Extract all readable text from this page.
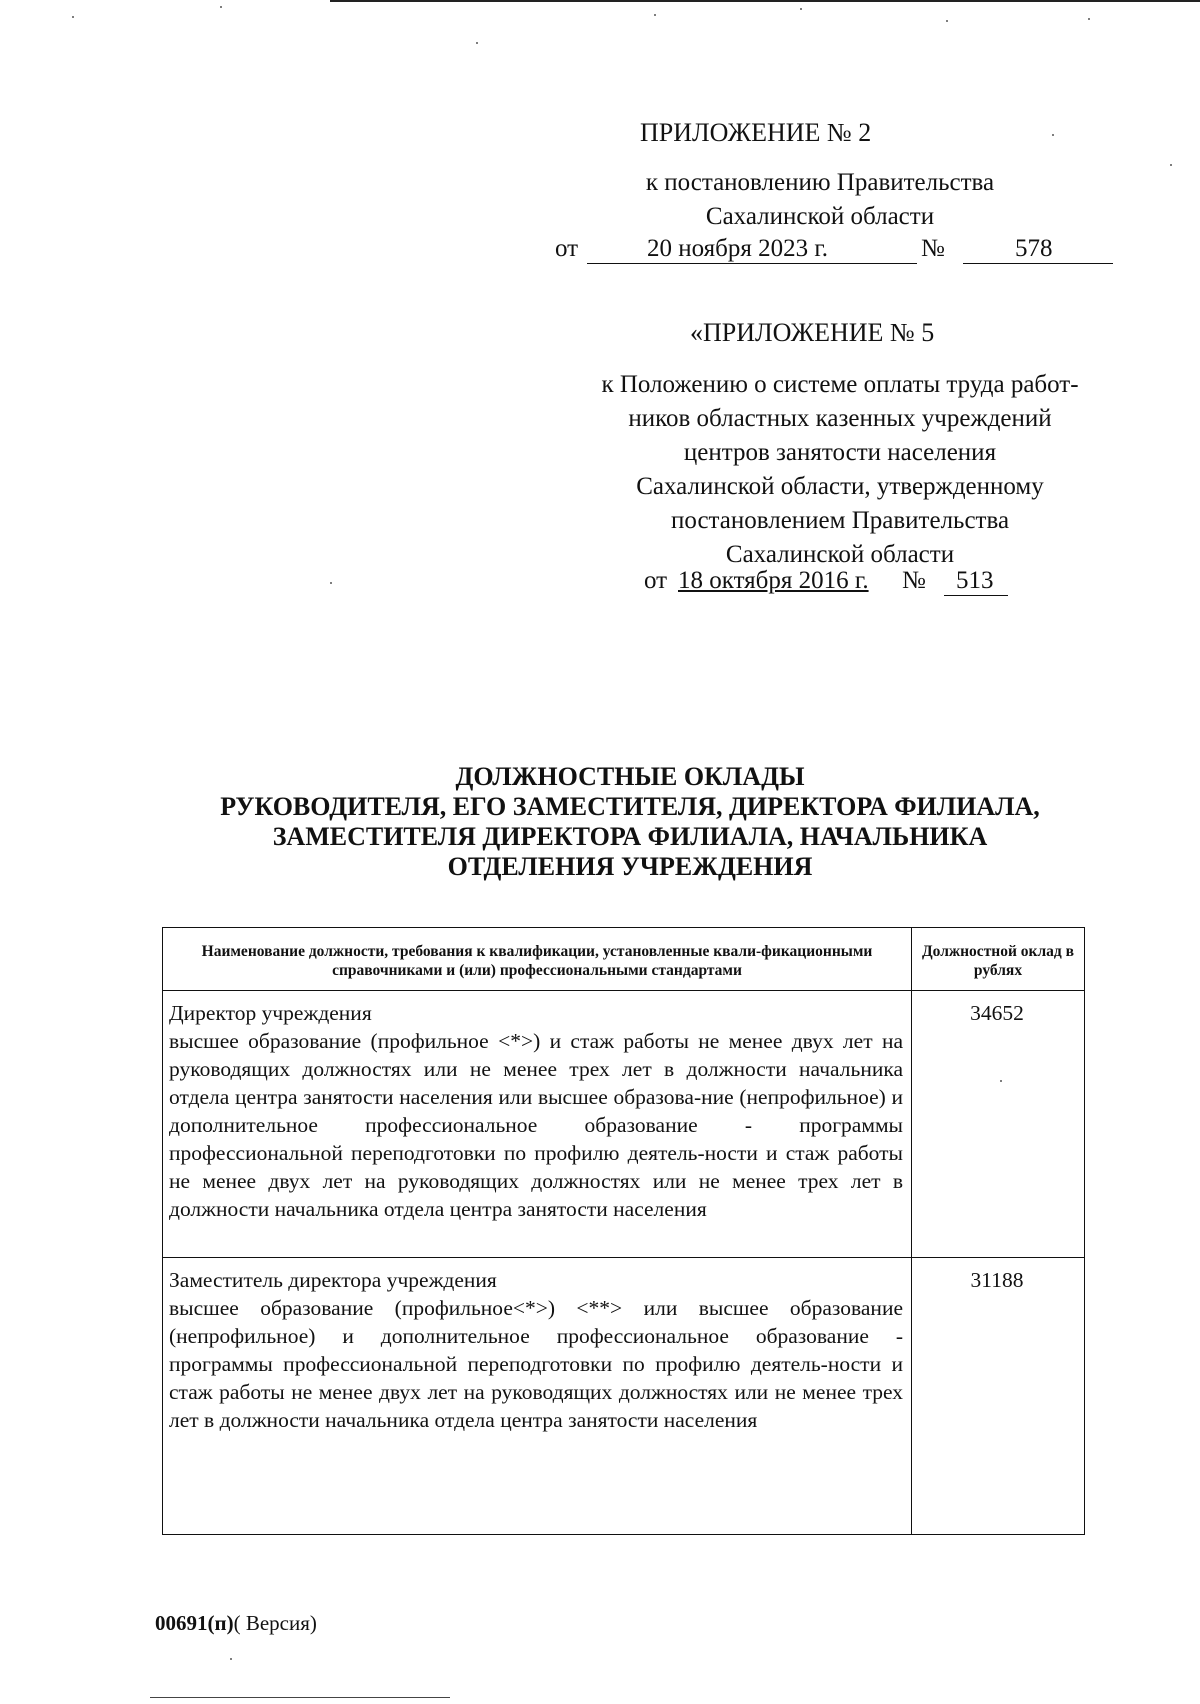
ПРИЛОЖЕНИЕ № 2
к постановлению Правительства
Сахалинской области
от	20 ноября 2023 г.	№	578
«ПРИЛОЖЕНИЕ № 5
к Положению о системе оплаты труда работ-
ников областных казенных учреждений
центров занятости населения
Сахалинской области, утвержденному
постановлением Правительства
Сахалинской области
от 18 октября 2016 г. № 513
ДОЛЖНОСТНЫЕ ОКЛАДЫ
РУКОВОДИТЕЛЯ, ЕГО ЗАМЕСТИТЕЛЯ, ДИРЕКТОРА ФИЛИАЛА,
ЗАМЕСТИТЕЛЯ ДИРЕКТОРА ФИЛИАЛА, НАЧАЛЬНИКА
ОТДЕЛЕНИЯ УЧРЕЖДЕНИЯ
Наименование должности, требования к квалификации, установленные квали-фикационными справочниками и (или) профессиональными стандартами	Должностной оклад в рублях

Директор учреждения
высшее образование (профильное <*>) и стаж работы не менее двух лет на руководящих должностях или не менее трех лет в должности начальника отдела центра занятости населения или высшее образова-ние (непрофильное) и дополнительное профессиональное образование - программы профессиональной переподготовки по профилю деятель-ности и стаж работы не менее двух лет на руководящих должностях или не менее трех лет в должности начальника отдела центра занятости населения	34652

Заместитель директора учреждения
высшее образование (профильное<*>) <**> или высшее образование (непрофильное) и дополнительное профессиональное образование - программы профессиональной переподготовки по профилю деятель-ности и стаж работы не менее двух лет на руководящих должностях или не менее трех лет в должности начальника отдела центра занятости населения	31188
00691(п)( Версия)
